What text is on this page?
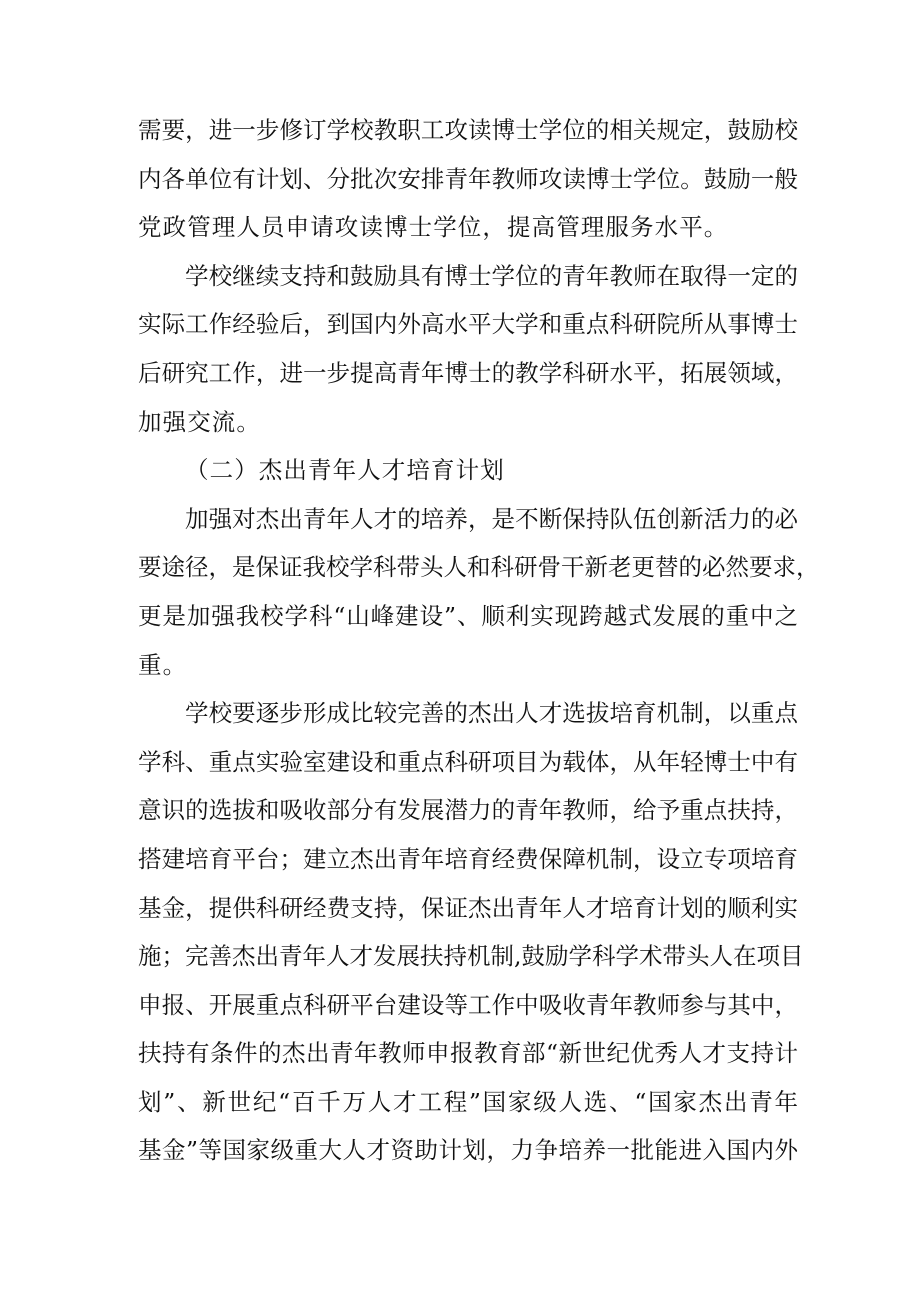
需要，进一步修订学校教职工攻读博士学位的相关规定，鼓励校
内各单位有计划、分批次安排青年教师攻读博士学位。鼓励一般
党政管理人员申请攻读博士学位，提高管理服务水平。
学校继续支持和鼓励具有博士学位的青年教师在取得一定的
实际工作经验后，到国内外高水平大学和重点科研院所从事博士
后研究工作，进一步提高青年博士的教学科研水平，拓展领域，
加强交流。
（二）杰出青年人才培育计划
加强对杰出青年人才的培养，是不断保持队伍创新活力的必
要途径，是保证我校学科带头人和科研骨干新老更替的必然要求，
更是加强我校学科“山峰建设”、顺利实现跨越式发展的重中之
重。
学校要逐步形成比较完善的杰出人才选拔培育机制，以重点
学科、重点实验室建设和重点科研项目为载体，从年轻博士中有
意识的选拔和吸收部分有发展潜力的青年教师，给予重点扶持，
搭建培育平台；建立杰出青年培育经费保障机制，设立专项培育
基金，提供科研经费支持，保证杰出青年人才培育计划的顺利实
施；完善杰出青年人才发展扶持机制,鼓励学科学术带头人在项目
申报、开展重点科研平台建设等工作中吸收青年教师参与其中，
扶持有条件的杰出青年教师申报教育部“新世纪优秀人才支持计
划”、新世纪“百千万人才工程”国家级人选、“国家杰出青年
基金”等国家级重大人才资助计划，力争培养一批能进入国内外
